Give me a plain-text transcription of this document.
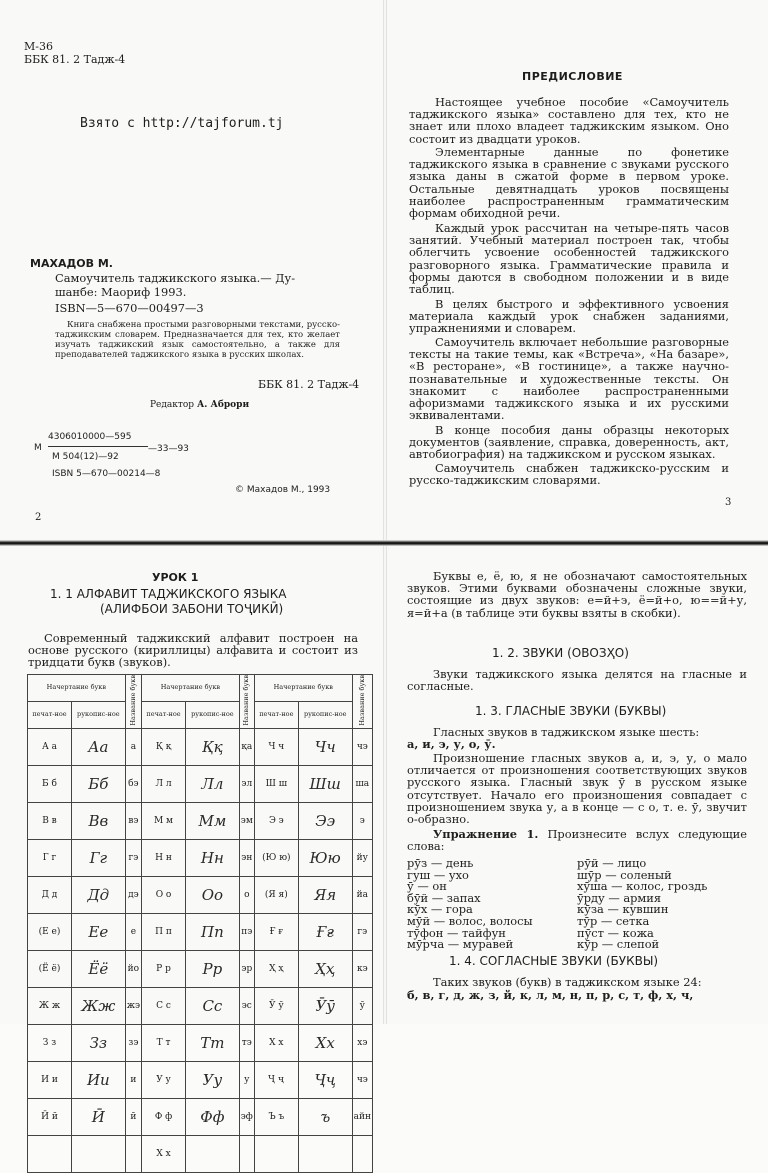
М-36
ББК 81. 2 Тадж-4
Взято с http://tajforum.tj
МАХАДОВ М.
Самоучитель таджикского языка.— Ду-
шанбе: Маориф 1993.
ISBN—5—670—00497—3
Книга снабжена простыми разговорными текстами, русско-таджикским словарем. Предназначается для тех, кто желает изучать таджикский язык самостоятельно, а также для преподавателей таджикского языка в русских школах.
ББК 81. 2 Тадж-4
Редактор А. Аброри
4306010000—595
М	—33—93
М 504(12)—92
ISBN 5—670—00214—8
© Махадов М., 1993
2
ПРЕДИСЛОВИЕ
Настоящее учебное пособие «Самоучитель таджикского языка» составлено для тех, кто не знает или плохо владеет таджикским языком. Оно состоит из двадцати уроков.
Элементарные данные по фонетике таджикского языка в сравнение с звуками русского языка даны в сжатой форме в первом уроке. Остальные девятнадцать уроков посвящены наиболее распространенным грамматическим формам обиходной речи.
Каждый урок рассчитан на четыре-пять часов занятий. Учебный материал построен так, чтобы облегчить усвоение особенностей таджикского разговорного языка. Грамматические правила и формы даются в свободном положении и в виде таблиц.
В целях быстрого и эффективного усвоения материала каждый урок снабжен заданиями, упражнениями и словарем.
Самоучитель включает небольшие разговорные тексты на такие темы, как «Встреча», «На базаре», «В ресторане», «В гостинице», а также научно-познавательные и художественные тексты. Он знакомит с наиболее распространенными афоризмами таджикского языка и их русскими эквивалентами.
В конце пособия даны образцы некоторых документов (заявление, справка, доверенность, акт, автобиография) на таджикском и русском языках.
Самоучитель снабжен таджикско-русским и русско-таджикским словарями.
3
УРОК 1
1. 1 АЛФАВИТ ТАДЖИКСКОГО ЯЗЫКА
(АЛИФБОИ ЗАБОНИ ТОҶИКӢ)
Современный таджикский алфавит построен на основе русского (кириллицы) алфавита и состоит из тридцати букв (звуков).
Начертание букв		Название букв	Начертание букв		Название букв	Начертание букв		Название букв
печат-ное	рукопис-ное		печат-ное	рукопис-ное		печат-ное	рукопис-ное	
А а	Аа	а	Қ қ	Ққ	қа	Ч ч	Чч	чэ
Б б	Бб	бэ	Л л	Лл	эл	Ш ш	Шш	ша
В в	Вв	вэ	М м	Мм	эм	Э э	Ээ	э
Г г	Гг	гэ	Н н	Нн	эн	(Ю ю)	Юю	йу
Д д	Дд	дэ	О о	Оо	о	(Я я)	Яя	йа
(Е е)	Ее	е	П п	Пп	пэ	Ғ ғ	Ғғ	гэ
(Ё ё)	Ёё	йо	Р р	Рр	эр	Ҳ ҳ	Ҳҳ	кэ
Ж ж	Жж	жэ	С с	Сс	эс	Ӯ ӯ	Ӯӯ	ӯ
З з	Зз	зэ	Т т	Тт	тэ	Х х	Хх	хэ
И и	Ии	и	У у	Уу	у	Ҷ ҷ	Ҷҷ	чэ
Ӣ ӣ	Ӣ	ӣ	Ф ф	Фф	эф	Ъ ъ	ъ	айн
			Х х					
Буквы е, ё, ю, я не обозначают самостоятельных звуков. Этими буквами обозначены сложные звуки, состоящие из двух звуков: е=й+э, ё=й+о, ю==й+у, я=й+а (в таблице эти буквы взяты в скобки).
1. 2. ЗВУКИ (ОВОЗҲО)
Звуки таджикского языка делятся на гласные и согласные.
1. 3. ГЛАСНЫЕ ЗВУКИ (БУКВЫ)
Гласных звуков в таджикском языке шесть:
а, и, э, у, о, ӯ.
Произношение гласных звуков а, и, э, у, о мало отличается от произношения соответствующих звуков русского языка. Гласный звук ӯ в русском языке отсутствует. Начало его произношения совпадает с произношением звука у, а в конце — с о, т. е. ӯ, звучит о-образно.
Упражнение 1. Произнесите вслух следующие слова:
рӯз — день
гуш — ухо
ӯ — он
бӯй — запах
кӯх — гора
мӯй — волос, волосы
тӯфон — тайфун
мӯрча — муравей
рӯй — лицо
шӯр — соленый
хӯша — колос, гроздь
ӯрду — армия
кӯза — кувшин
тӯр — сетка
пӯст — кожа
кӯр — слепой
1. 4. СОГЛАСНЫЕ ЗВУКИ (БУКВЫ)
Таких звуков (букв) в таджикском языке 24:
б, в, г, д, ж, з, й, к, л, м, н, п, р, с, т, ф, х, ч,
